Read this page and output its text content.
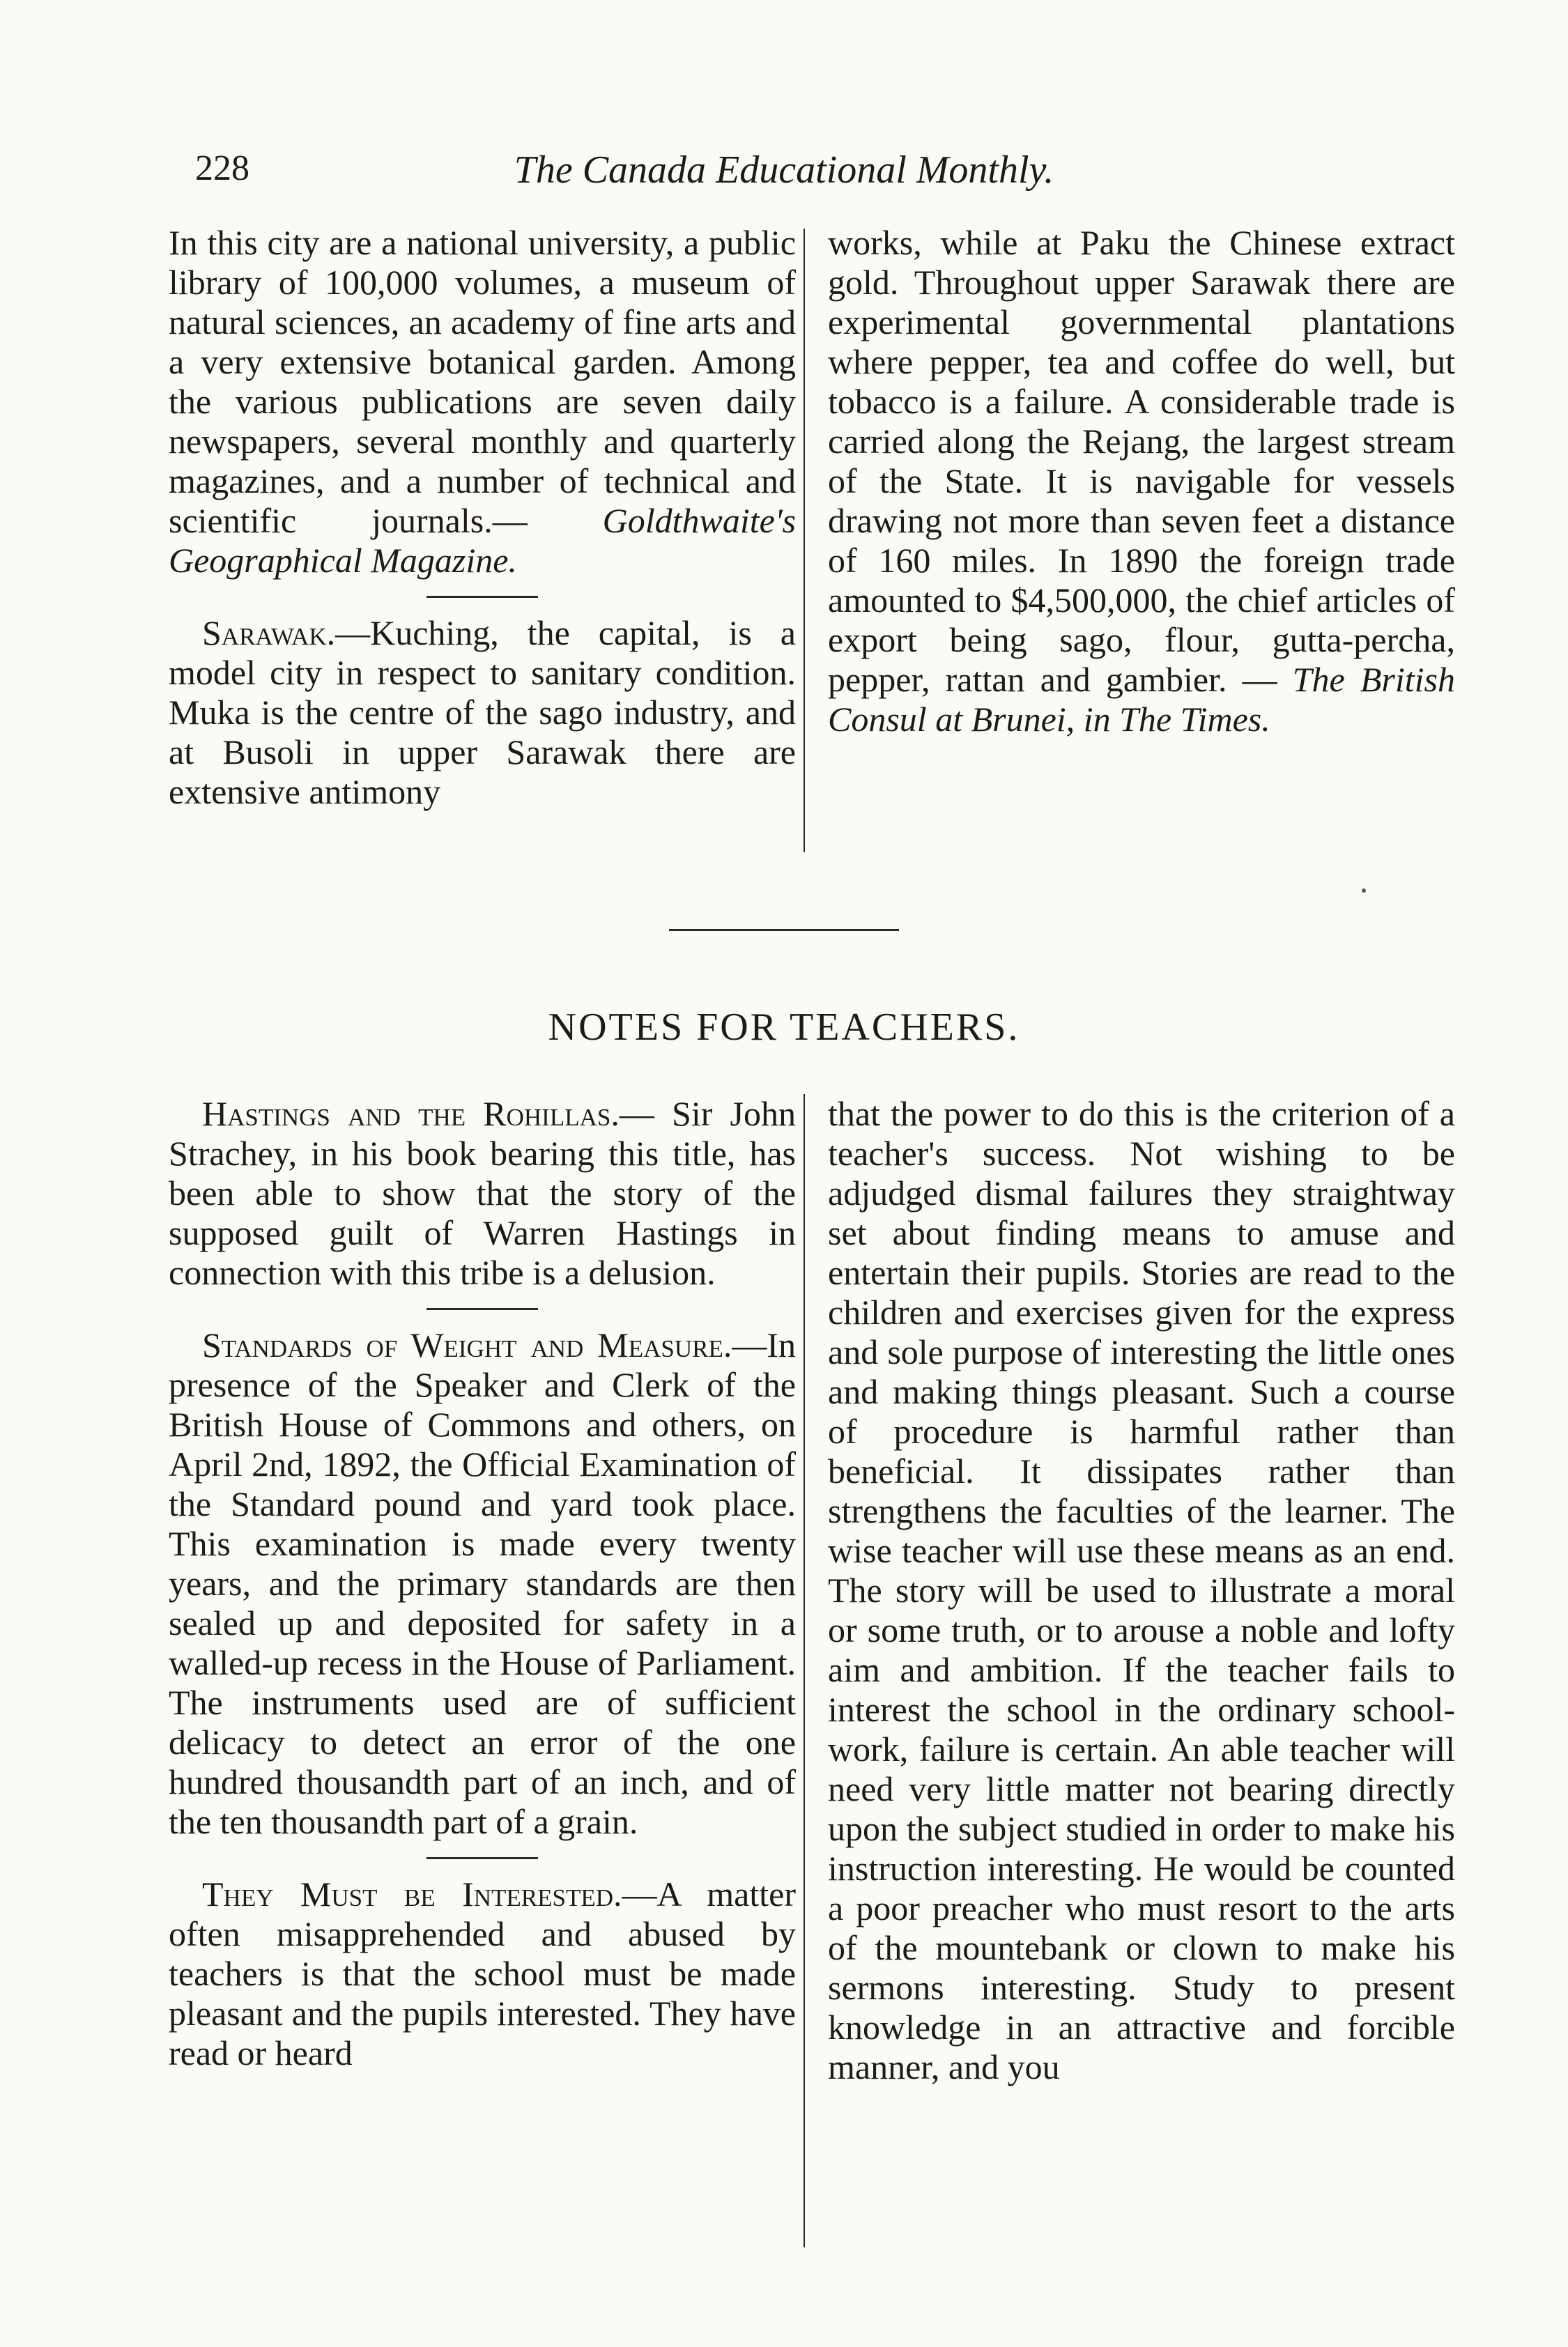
228	The Canada Educational Monthly.

In this city are a national university, a public library of 100,000 volumes, a museum of natural sciences, an academy of fine arts and a very extensive botanical garden. Among the various publications are seven daily newspapers, several monthly and quarterly magazines, and a number of technical and scientific journals.— Goldthwaite's Geographical Magazine.

Sarawak.—Kuching, the capital, is a model city in respect to sanitary condition. Muka is the centre of the sago industry, and at Busoli in upper Sarawak there are extensive antimony

works, while at Paku the Chinese extract gold. Throughout upper Sarawak there are experimental governmental plantations where pepper, tea and coffee do well, but tobacco is a failure. A considerable trade is carried along the Rejang, the largest stream of the State. It is navigable for vessels drawing not more than seven feet a distance of 160 miles. In 1890 the foreign trade amounted to $4,500,000, the chief articles of export being sago, flour, gutta-percha, pepper, rattan and gambier. — The British Consul at Brunei, in The Times.

NOTES FOR TEACHERS.

Hastings and the Rohillas.— Sir John Strachey, in his book bearing this title, has been able to show that the story of the supposed guilt of Warren Hastings in connection with this tribe is a delusion.

Standards of Weight and Measure.—In presence of the Speaker and Clerk of the British House of Commons and others, on April 2nd, 1892, the Official Examination of the Standard pound and yard took place. This examination is made every twenty years, and the primary standards are then sealed up and deposited for safety in a walled-up recess in the House of Parliament. The instruments used are of sufficient delicacy to detect an error of the one hundred thousandth part of an inch, and of the ten thousandth part of a grain.

They Must be Interested.—A matter often misapprehended and abused by teachers is that the school must be made pleasant and the pupils interested. They have read or heard

that the power to do this is the criterion of a teacher's success. Not wishing to be adjudged dismal failures they straightway set about finding means to amuse and entertain their pupils. Stories are read to the children and exercises given for the express and sole purpose of interesting the little ones and making things pleasant. Such a course of procedure is harmful rather than beneficial. It dissipates rather than strengthens the faculties of the learner. The wise teacher will use these means as an end. The story will be used to illustrate a moral or some truth, or to arouse a noble and lofty aim and ambition. If the teacher fails to interest the school in the ordinary school-work, failure is certain. An able teacher will need very little matter not bearing directly upon the subject studied in order to make his instruction interesting. He would be counted a poor preacher who must resort to the arts of the mountebank or clown to make his sermons interesting. Study to present knowledge in an attractive and forcible manner, and you
